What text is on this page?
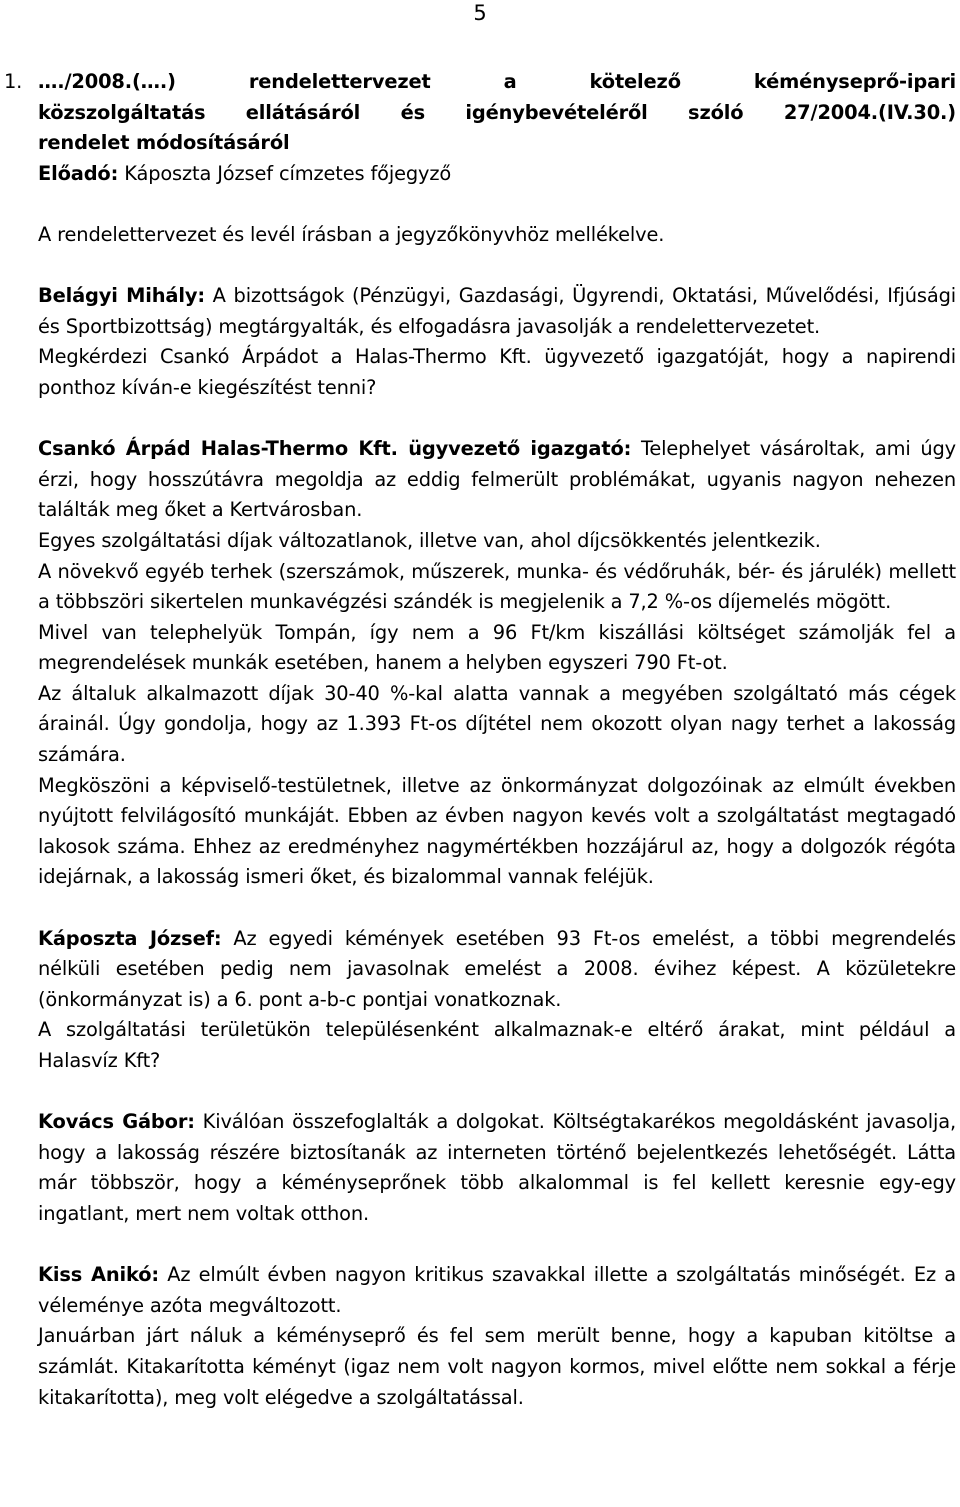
5
1. …./2008.(….) rendelettervezet a kötelező kéményseprő-ipari

közszolgáltatás ellátásáról és igénybevételéről szóló 27/2004.(IV.30.)

rendelet módosításáról

Előadó: Káposzta József címzetes főjegyző

A rendelettervezet és levél írásban a jegyzőkönyvhöz mellékelve.

Belágyi Mihály: A bizottságok (Pénzügyi, Gazdasági, Ügyrendi, Oktatási, Művelődési, Ifjúsági és Sportbizottság) megtárgyalták, és elfogadásra javasolják a rendelettervezetet.

Megkérdezi Csankó Árpádot a Halas-Thermo Kft. ügyvezető igazgatóját, hogy a napirendi ponthoz kíván-e kiegészítést tenni?

Csankó Árpád Halas-Thermo Kft. ügyvezető igazgató: Telephelyet vásároltak, ami úgy érzi, hogy hosszútávra megoldja az eddig felmerült problémákat, ugyanis nagyon nehezen találták meg őket a Kertvárosban.

Egyes szolgáltatási díjak változatlanok, illetve van, ahol díjcsökkentés jelentkezik.

A növekvő egyéb terhek (szerszámok, műszerek, munka- és védőruhák, bér- és járulék) mellett a többszöri sikertelen munkavégzési szándék is megjelenik a 7,2 %-os díjemelés mögött.

Mivel van telephelyük Tompán, így nem a 96 Ft/km kiszállási költséget számolják fel a megrendelések munkák esetében, hanem a helyben egyszeri 790 Ft-ot.

Az általuk alkalmazott díjak 30-40 %-kal alatta vannak a megyében szolgáltató más cégek árainál. Úgy gondolja, hogy az 1.393 Ft-os díjtétel nem okozott olyan nagy terhet a lakosság számára.

Megköszöni a képviselő-testületnek, illetve az önkormányzat dolgozóinak az elmúlt években nyújtott felvilágosító munkáját. Ebben az évben nagyon kevés volt a szolgáltatást megtagadó lakosok száma. Ehhez az eredményhez nagymértékben hozzájárul az, hogy a dolgozók régóta idejárnak, a lakosság ismeri őket, és bizalommal vannak feléjük.

Káposzta József: Az egyedi kémények esetében 93 Ft-os emelést, a többi megrendelés nélküli esetében pedig nem javasolnak emelést a 2008. évihez képest. A közületekre (önkormányzat is) a 6. pont a-b-c pontjai vonatkoznak.

A szolgáltatási területükön településenként alkalmaznak-e eltérő árakat, mint például a Halasvíz Kft?

Kovács Gábor: Kiválóan összefoglalták a dolgokat. Költségtakarékos megoldásként javasolja, hogy a lakosság részére biztosítanák az interneten történő bejelentkezés lehetőségét. Látta már többször, hogy a kéményseprőnek több alkalommal is fel kellett keresnie egy-egy ingatlant, mert nem voltak otthon.

Kiss Anikó: Az elmúlt évben nagyon kritikus szavakkal illette a szolgáltatás minőségét. Ez a véleménye azóta megváltozott.

Januárban járt náluk a kéményseprő és fel sem merült benne, hogy a kapuban kitöltse a számlát. Kitakarította kéményt (igaz nem volt nagyon kormos, mivel előtte nem sokkal a férje kitakarította), meg volt elégedve a szolgáltatással.
